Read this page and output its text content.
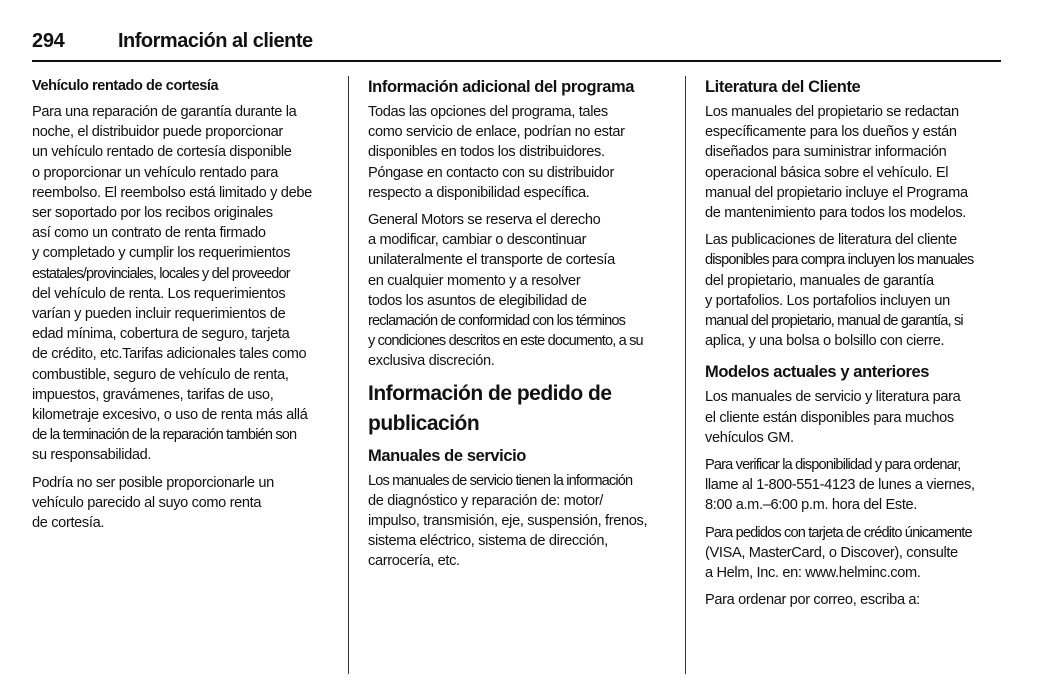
294	Información al cliente
Vehículo rentado de cortesía

Para una reparación de garantía durante la
noche, el distribuidor puede proporcionar
un vehículo rentado de cortesía disponible
o proporcionar un vehículo rentado para
reembolso. El reembolso está limitado y debe
ser soportado por los recibos originales
así como un contrato de renta firmado
y completado y cumplir los requerimientos
estatales/provinciales, locales y del proveedor
del vehículo de renta. Los requerimientos
varían y pueden incluir requerimientos de
edad mínima, cobertura de seguro, tarjeta
de crédito, etc.Tarifas adicionales tales como
combustible, seguro de vehículo de renta,
impuestos, gravámenes, tarifas de uso,
kilometraje excesivo, o uso de renta más allá
de la terminación de la reparación también son
su responsabilidad.

Podría no ser posible proporcionarle un
vehículo parecido al suyo como renta
de cortesía.

Información adicional del programa

Todas las opciones del programa, tales
como servicio de enlace, podrían no estar
disponibles en todos los distribuidores.
Póngase en contacto con su distribuidor
respecto a disponibilidad específica.

General Motors se reserva el derecho
a modificar, cambiar o descontinuar
unilateralmente el transporte de cortesía
en cualquier momento y a resolver
todos los asuntos de elegibilidad de
reclamación de conformidad con los términos
y condiciones descritos en este documento, a su
exclusiva discreción.

Información de pedido de
publicación
Manuales de servicio

Los manuales de servicio tienen la información
de diagnóstico y reparación de: motor/
impulso, transmisión, eje, suspensión, frenos,
sistema eléctrico, sistema de dirección,
carrocería, etc.

Literatura del Cliente

Los manuales del propietario se redactan
específicamente para los dueños y están
diseñados para suministrar información
operacional básica sobre el vehículo. El
manual del propietario incluye el Programa
de mantenimiento para todos los modelos.

Las publicaciones de literatura del cliente
disponibles para compra incluyen los manuales
del propietario, manuales de garantía
y portafolios. Los portafolios incluyen un
manual del propietario, manual de garantía, si
aplica, y una bolsa o bolsillo con cierre.

Modelos actuales y anteriores

Los manuales de servicio y literatura para
el cliente están disponibles para muchos
vehículos GM.

Para verificar la disponibilidad y para ordenar,
llame al 1-800-551-4123 de lunes a viernes,
8:00 a.m.–6:00 p.m. hora del Este.

Para pedidos con tarjeta de crédito únicamente
(VISA, MasterCard, o Discover), consulte
a Helm, Inc. en: www.helminc.com.

Para ordenar por correo, escriba a:
